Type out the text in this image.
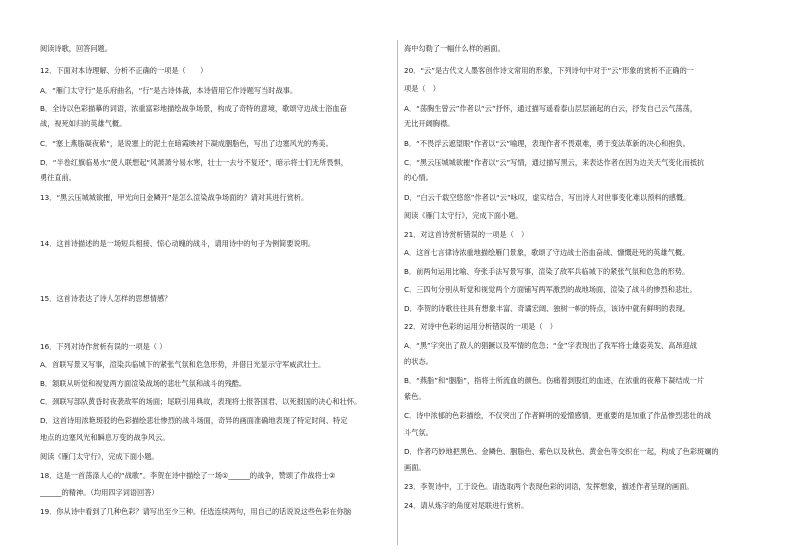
阅读诗歌，回答问题。
12．下面对本诗理解、分析不正确的一项是（　　）
A．“雁门太守行”是乐府曲名，“行”是古诗体裁，本诗借用它作诗题写当时战事。
B．全诗以色彩描摹的词语，浓重富彩地描绘战争场景，构成了奇特的意境，歌颂守边战士浴血奋
战，视死如归的英雄气概。
C．“塞上燕脂凝夜紫”，是说塞上的泥土在暗霞映衬下凝成胭脂色，写出了边塞风光的秀美。
D．“半卷红旗临易水”使人联想起“风萧萧兮易水寒，壮士一去兮不复还”，暗示将士们无所畏惧，
勇往直前。
13．“黑云压城城欲摧，甲光向日金鳞开”是怎么渲染战争场面的？请对其进行赏析。
14．这首诗描述的是一场短兵相接、惊心动魄的战斗，请用诗中的句子为例简要说明。
15．这首诗表达了诗人怎样的思想情感？
16．下列对诗作赏析有误的一项是（ ）
A．首联写景又写事，渲染兵临城下的紧张气氛和危急形势，并借日光显示守军威武壮士。
B．颔联从听觉和视觉两方面渲染战场的悲壮气氛和战斗的残酷。
C．颈联写部队黄昏时夜袭敌军的场面；尾联引用典故，表现将士报答国君、以死报国的决心和壮怀。
D．这首诗用浓艳斑驳的色彩描绘悲壮惨烈的战斗场面，奇异的画面准确地表现了特定时间、特定
地点的边塞风光和瞬息万变的战争风云。
阅读《雁门太守行》，完成下面小题。
18．这是一首荡涤人心的“战歌”。李贺在诗中描绘了一场①______的战争，赞颂了作战将士②
______的精神。（均用四字词语回答）
19．你从诗中看到了几种色彩？请写出至少三种。任选连续两句，用自己的话说说这些色彩在你脑
海中勾勒了一幅什么样的画面。
20．“云”是古代文人墨客创作诗文常用的形象，下列诗句中对于“云”形象的赏析不正确的一
项是（　）
A．“荡胸生曾云”作者以“云”抒怀，通过描写遥看泰山层层涌起的白云，抒发自己云气荡荡，
无比开阔胸襟。
B．“不畏浮云遮望眼”作者以“云”喻理，表现作者不畏艰难，勇于变法革新的决心和抱负。
C．“黑云压城城欲摧”作者以“云”写情，通过描写黑云，来表达作者在因为边关天气变化而抵抗
的心情。
D．“白云千载空悠悠”作者以“云”咏叹，虚实结合，写出诗人对世事变化难以预料的感慨。
阅读《雁门太守行》，完成下面小题。
21．对这首诗赏析错误的一项是（　）
A．这首七言律诗浓重地描绘雁门景象，歌颂了守边战士浴血奋战、慷慨赴死的英雄气概。
B．前两句运用比喻、夸张手法写景写事，渲染了敌军兵临城下的紧张气氛和危急的形势。
C．三四句分别从听觉和视觉两个方面铺写两军激烈的战地场面，渲染了战斗的惨烈和悲壮。
D．李贺的诗歌往往具有想象丰富、奇谲宏阔、独树一帜的特点，该诗中就有鲜明的表现。
22．对诗中色彩的运用分析错误的一项是（　）
A．“黑”字突出了敌人的猖獗以及军情的危急；“金”字表现出了我军将士雄姿英发、高昂迎战
的状态。
B．“燕脂”和“胭脂”，指将士所流血的颜色。伤痛着到股红的血迹，在浓重的夜幕下凝结成一片
紫色。
C．诗中浓郁的色彩描绘，不仅突出了作者鲜明的爱憎感情，更重要的是加重了作品惨烈悲壮的战
斗气氛。
D．作者巧妙地把黑色、金鳞色、胭脂色、紫色以及秋色、黄金色等交织在一起，构成了色彩斑斓的
画面。
23．李贺诗中，工于设色。请选取两个表现色彩的词语，发挥想象，描述作者呈现的画面。
24．请从炼字的角度对尾联进行赏析。
